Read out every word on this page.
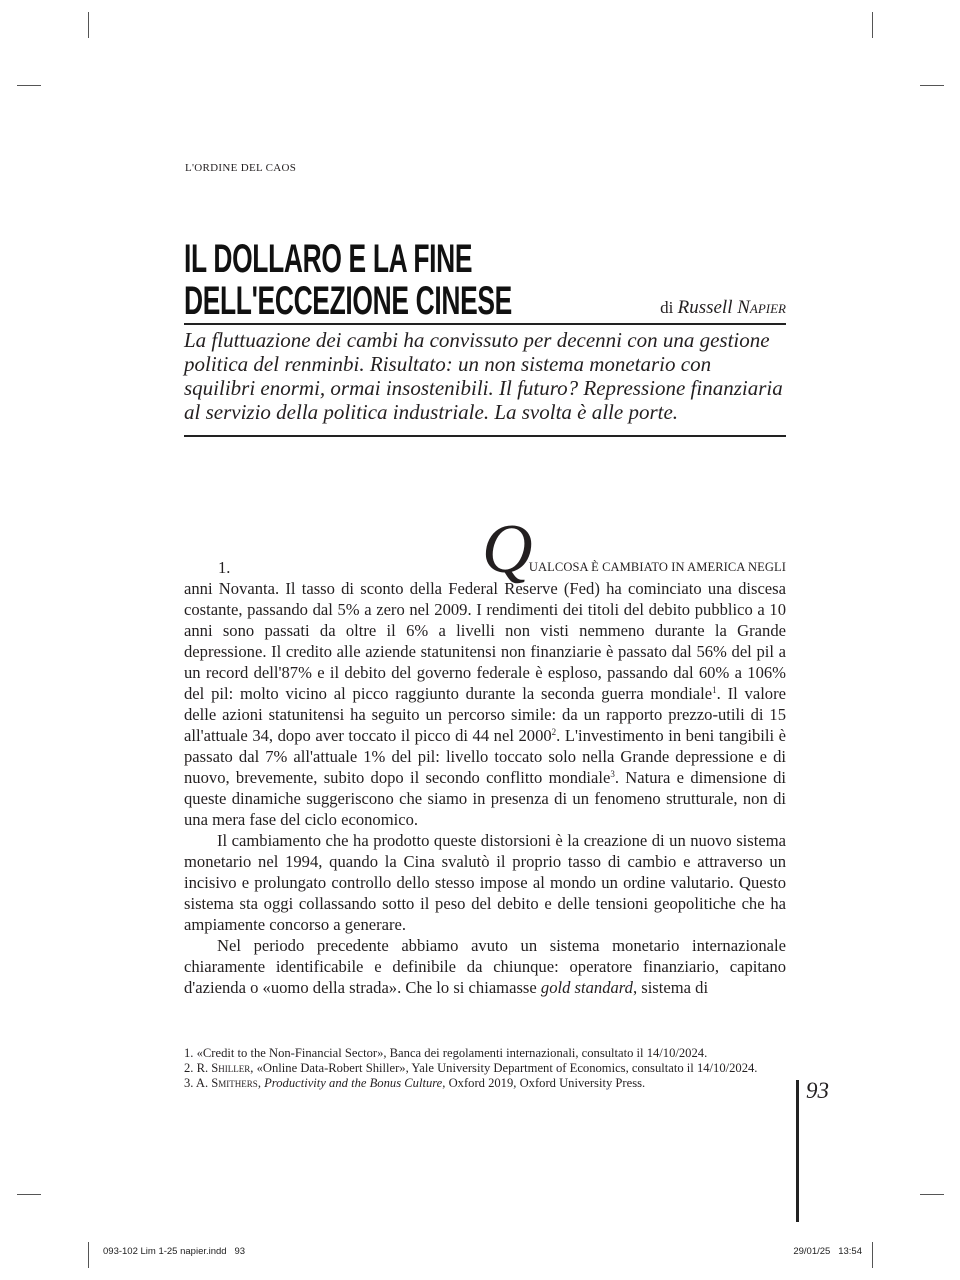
L'ORDINE DEL CAOS
IL DOLLARO E LA FINE
DELL'ECCEZIONE CINESE	di Russell Napier
La fluttuazione dei cambi ha convissuto per decenni con una gestione politica del renminbi. Risultato: un non sistema monetario con squilibri enormi, ormai insostenibili. Il futuro? Repressione finanziaria al servizio della politica industriale. La svolta è alle porte.
1.	Q
UALCOSA È CAMBIATO IN AMERICA NEGLI

anni Novanta. Il tasso di sconto della Federal Reserve (Fed) ha cominciato una discesa costante, passando dal 5% a zero nel 2009. I rendimenti dei titoli del debito pubblico a 10 anni sono passati da oltre il 6% a livelli non visti nemmeno durante la Grande depressione. Il credito alle aziende statunitensi non finanziarie è passato dal 56% del pil a un record dell'87% e il debito del governo federale è esploso, passando dal 60% a 106% del pil: molto vicino al picco raggiunto durante la seconda guerra mondiale$^1$. Il valore delle azioni statunitensi ha seguito un percorso simile: da un rapporto prezzo-utili di 15 all'attuale 34, dopo aver toccato il picco di 44 nel 2000$^2$. L'investimento in beni tangibili è passato dal 7% all'attuale 1% del pil: livello toccato solo nella Grande depressione e di nuovo, brevemente, subito dopo il secondo conflitto mondiale$^3$. Natura e dimensione di queste dinamiche suggeriscono che siamo in presenza di un fenomeno strutturale, non di una mera fase del ciclo economico.

Il cambiamento che ha prodotto queste distorsioni è la creazione di un nuovo sistema monetario nel 1994, quando la Cina svalutò il proprio tasso di cambio e attraverso un incisivo e prolungato controllo dello stesso impose al mondo un ordine valutario. Questo sistema sta oggi collassando sotto il peso del debito e delle tensioni geopolitiche che ha ampiamente concorso a generare.

Nel periodo precedente abbiamo avuto un sistema monetario internazionale chiaramente identificabile e definibile da chiunque: operatore finanziario, capitano d'azienda o «uomo della strada». Che lo si chiamasse gold standard, sistema di

1. «Credit to the Non-Financial Sector», Banca dei regolamenti internazionali, consultato il 14/10/2024.
2. R. Shiller, «Online Data-Robert Shiller», Yale University Department of Economics, consultato il 14/10/2024.
3. A. Smithers, Productivity and the Bonus Culture, Oxford 2019, Oxford University Press.	93
093-102 Lim 1-25 napier.indd   93	29/01/25   13:54
